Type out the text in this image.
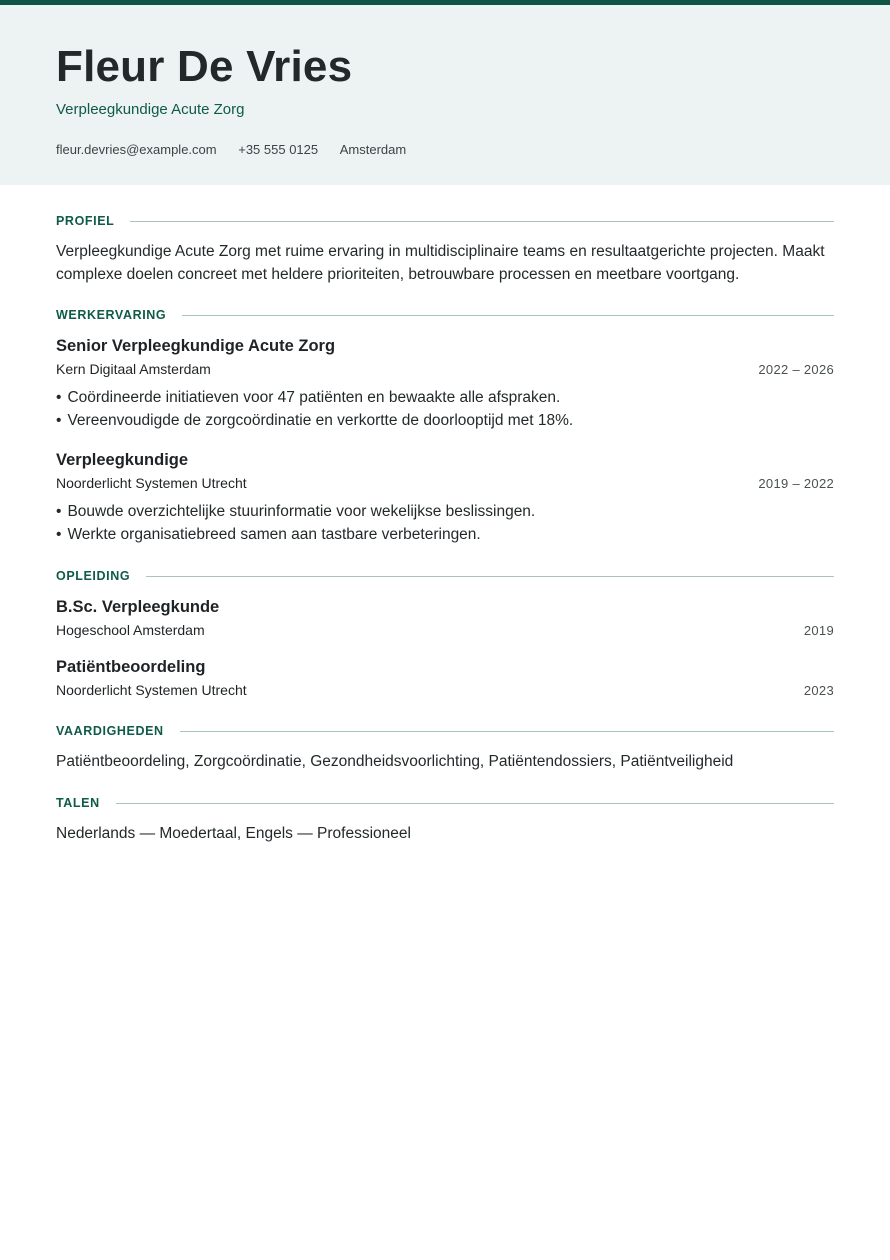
Fleur De Vries
Verpleegkundige Acute Zorg
fleur.devries@example.com +35 555 0125 Amsterdam
PROFIEL

Verpleegkundige Acute Zorg met ruime ervaring in multidisciplinaire teams en resultaatgerichte projecten. Maakt complexe doelen concreet met heldere prioriteiten, betrouwbare processen en meetbare voortgang.

WERKERVARING
Senior Verpleegkundige Acute Zorg
Kern Digitaal Amsterdam	2022 – 2026
• Coördineerde initiatieven voor 47 patiënten en bewaakte alle afspraken.
• Vereenvoudigde de zorgcoördinatie en verkortte de doorlooptijd met 18%.
Verpleegkundige
Noorderlicht Systemen Utrecht	2019 – 2022
• Bouwde overzichtelijke stuurinformatie voor wekelijkse beslissingen.
• Werkte organisatiebreed samen aan tastbare verbeteringen.
OPLEIDING
B.Sc. Verpleegkunde
Hogeschool Amsterdam	2019
Patiëntbeoordeling
Noorderlicht Systemen Utrecht	2023
VAARDIGHEDEN

Patiëntbeoordeling, Zorgcoördinatie, Gezondheidsvoorlichting, Patiëntendossiers, Patiëntveiligheid

TALEN

Nederlands — Moedertaal, Engels — Professioneel
